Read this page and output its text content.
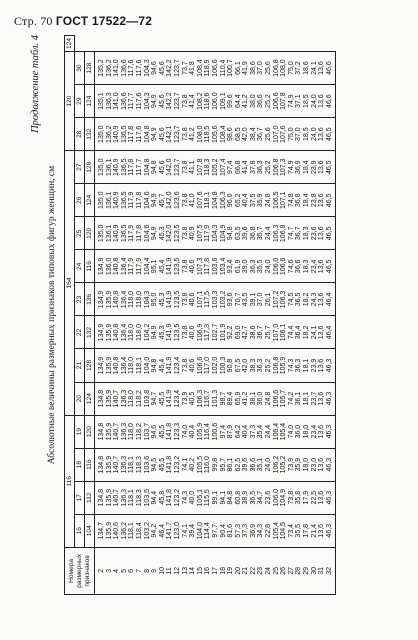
Стр. 70 ГОСТ 17522—72
Продолжение табл. 4
Абсолютные величины размерных признаков типовых фигур женщин, см
Номера размерных признаков	116				164								120			124
	16	17	18	19	20	21	22	23	24	25	26	27	28	29	30	
	104	112	116	120	124	128	132	136	116	120	124	128	132	124	128	
2	134,7	134,8	134,8	134,8	134,8	134,9	134,9	134,9	134,9	135,0	135,0	135,0	135,0	135,1	135,2	
3	135,9	135,9	135,9	135,9	135,9	135,9	135,9	135,9	136,0	136,1	136,1	136,1	136,2	136,3	136,2	
4	140,6	140,7	140,7	140,7	140,7	140,8	140,8	140,8	140,8	140,9	140,9	140,9	140,9	141,0	141,0	
5	136,2	136,3	136,3	136,3	136,3	136,4	136,4	136,4	136,4	136,5	136,5	136,5	136,5	136,6	136,6	
6	118,1	118,1	118,1	118,0	118,0	118,0	118,0	118,0	117,9	117,9	117,9	117,8	117,8	117,7	117,6	
7	118,4	118,3	118,3	118,2	118,2	118,1	118,0	118,0	117,9	117,8	117,8	117,7	117,6	117,6	117,6	
8	103,2	103,5	103,6	103,7	103,8	104,0	104,2	104,3	104,4	104,6	104,6	104,8	104,8	104,3	104,3	
9	94,2	94,4	94,5	94,6	94,7	94,8	94,9	95,0	95,1	94,9	94,9	94,8	94,9	94,9	94,6	
10	46,4	45,8	45,5	45,5	45,5	45,4	45,3	45,3	45,4	45,3	45,7	45,6	45,6	45,6	45,6	
11	141,7	141,8	141,8	141,8	141,9	141,9	141,9	141,9	141,9	142,0	142,0	142,0	142,1	142,2	142,2	
12	123,0	123,2	123,2	123,3	123,4	123,4	123,5	123,5	123,5	123,5	123,6	123,7	123,7	123,7	123,7	
13	74,1	74,3	74,1	74,0	73,9	73,8	73,8	73,8	73,8	73,8	73,8	73,8	73,8	73,8	73,7	
14	39,4	40,0	40,2	40,4	40,5	40,6	40,6	40,6	40,6	40,9	41,0	41,1	41,2	41,4	41,8	
15	104,0	105,1	105,5	105,9	106,3	106,6	106,9	107,1	107,3	107,5	107,6	107,8	108,0	108,2	108,4	
16	114,4	115,5	116,0	116,4	116,7	117,0	117,3	117,5	117,8	117,9	118,1	118,3	118,5	118,6	118,9	
17	97,7	99,1	99,8	100,6	101,3	102,0	102,7	103,3	103,6	104,3	104,8	105,2	105,6	106,0	106,6	
18	90,4	94,1	95,7	97,4	98,7	100,3	101,9	103,2	103,4	104,9	106,3	107,4	108,4	109,1	110,4	
19	81,6	84,8	86,1	87,9	89,4	90,8	92,2	93,6	93,4	94,8	96,0	97,4	98,6	99,6	100,7	
20	57,3	60,8	62,5	64,2	65,9	67,5	69,0	70,7	61,9	63,5	65,2	66,8	68,5	64,4	66,1	
21	37,3	38,9	39,6	40,4	41,2	42,0	42,7	43,5	39,0	39,6	40,4	41,4	42,0	41,2	41,9	
22	36,9	36,5	36,6	37,3	38,1	38,3	38,6	39,1	36,3	36,8	37,5	37,8	38,4	38,0	38,6	
23	34,3	34,7	35,1	35,4	36,0	36,3	36,7	37,0	35,5	35,7	35,9	36,3	36,7	36,6	37,0	
24	22,8	23,6	24,0	24,4	24,8	25,2	25,7	26,1	24,0	24,4	24,8	25,2	25,6	25,2	25,6	
25	105,4	106,0	106,2	106,4	106,6	106,8	107,0	107,2	106,0	106,3	106,5	106,8	107,0	106,6	106,8	
26	104,5	104,9	105,2	105,4	105,7	105,9	106,1	106,3	106,6	106,8	107,1	107,3	107,6	107,8	108,0	
27	73,4	73,8	73,9	74,0	74,2	74,3	74,4	74,5	74,6	74,7	74,8	74,9	75,0	74,9	75,0	
28	35,5	35,8	35,9	36,0	36,1	36,3	36,4	36,5	36,6	36,7	36,8	36,9	37,0	37,1	37,2	
29	17,8	17,9	18,0	18,0	18,1	18,1	18,2	18,2	18,3	18,3	18,4	18,4	18,5	18,5	18,6	
30	21,4	22,5	23,0	23,4	23,7	23,9	24,1	24,3	23,4	23,6	23,8	23,9	24,0	24,0	24,1	
31	13,6	13,6	13,6	13,6	13,6	13,6	13,6	13,6	13,6	13,6	13,6	13,6	13,6	13,6	13,6	
32	46,3	46,3	46,3	46,3	46,3	46,3	46,4	46,4	46,5	46,5	46,5	46,5	46,5	46,6	46,6	
